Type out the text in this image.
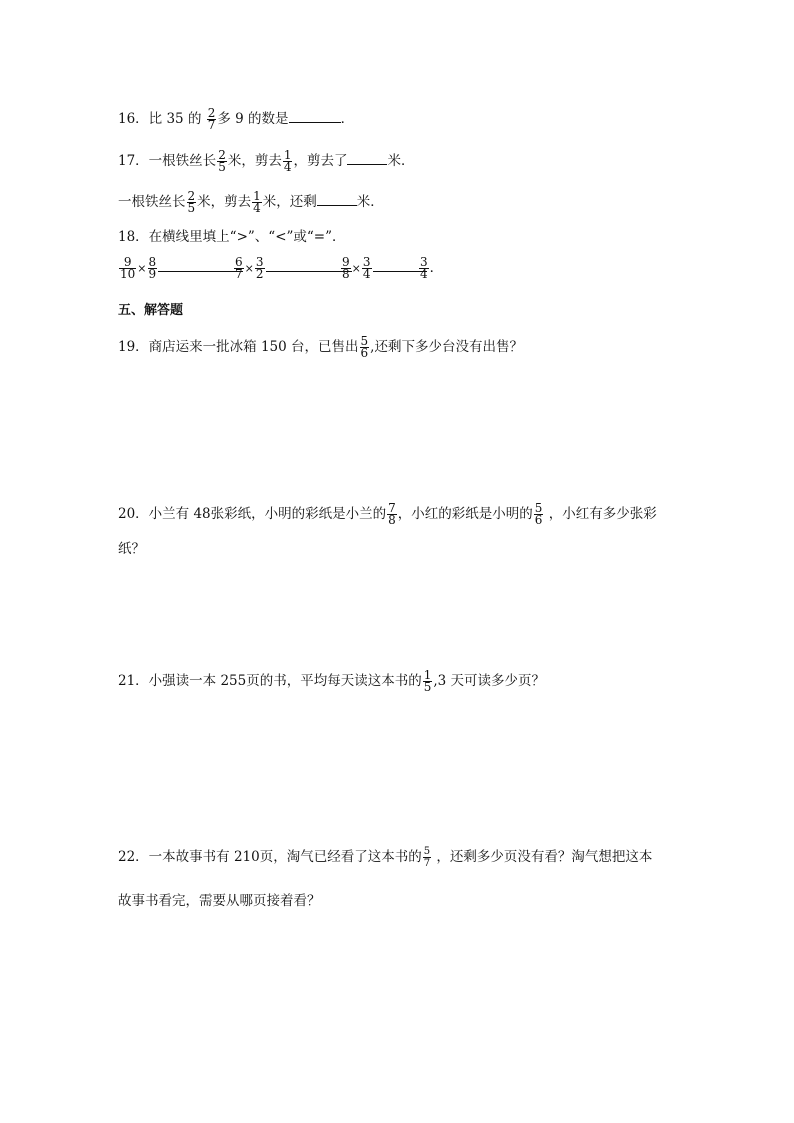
16．比 35 的 $\frac{2}{7}$ 多 9 的数是	．
17．一根铁丝长 $\frac{2}{5}$ 米，剪去 $\frac{1}{4}$ ，剪去了	米．
一根铁丝长 $\frac{2}{5}$ 米，剪去 $\frac{1}{4}$ 米，还剩	米．
18．在横线里填上“>”、“<”或“=”．
$\frac{9}{10} \times \frac{8}{9}$	$\frac{6}{7} \times \frac{3}{2}$	$\frac{9}{8} \times \frac{3}{4}$	$\frac{3}{4}$ ．
五、解答题
19．商店运来一批冰箱 150 台，已售出 $\frac{5}{6}$ ,还剩下多少台没有出售？
20．小兰有 48张彩纸，小明的彩纸是小兰的 $\frac{7}{8}$ ，小红的彩纸是小明的 $\frac{5}{6}$ ，小红有多少张彩
纸？
21．小强读一本 255页的书，平均每天读这本书的 $\frac{1}{5} ,3$ 天可读多少页？
22．一本故事书有 210页，淘气已经看了这本书的 $\frac{5}{7}$ ，还剩多少页没有看？淘气想把这本
故事书看完，需要从哪页接着看？
